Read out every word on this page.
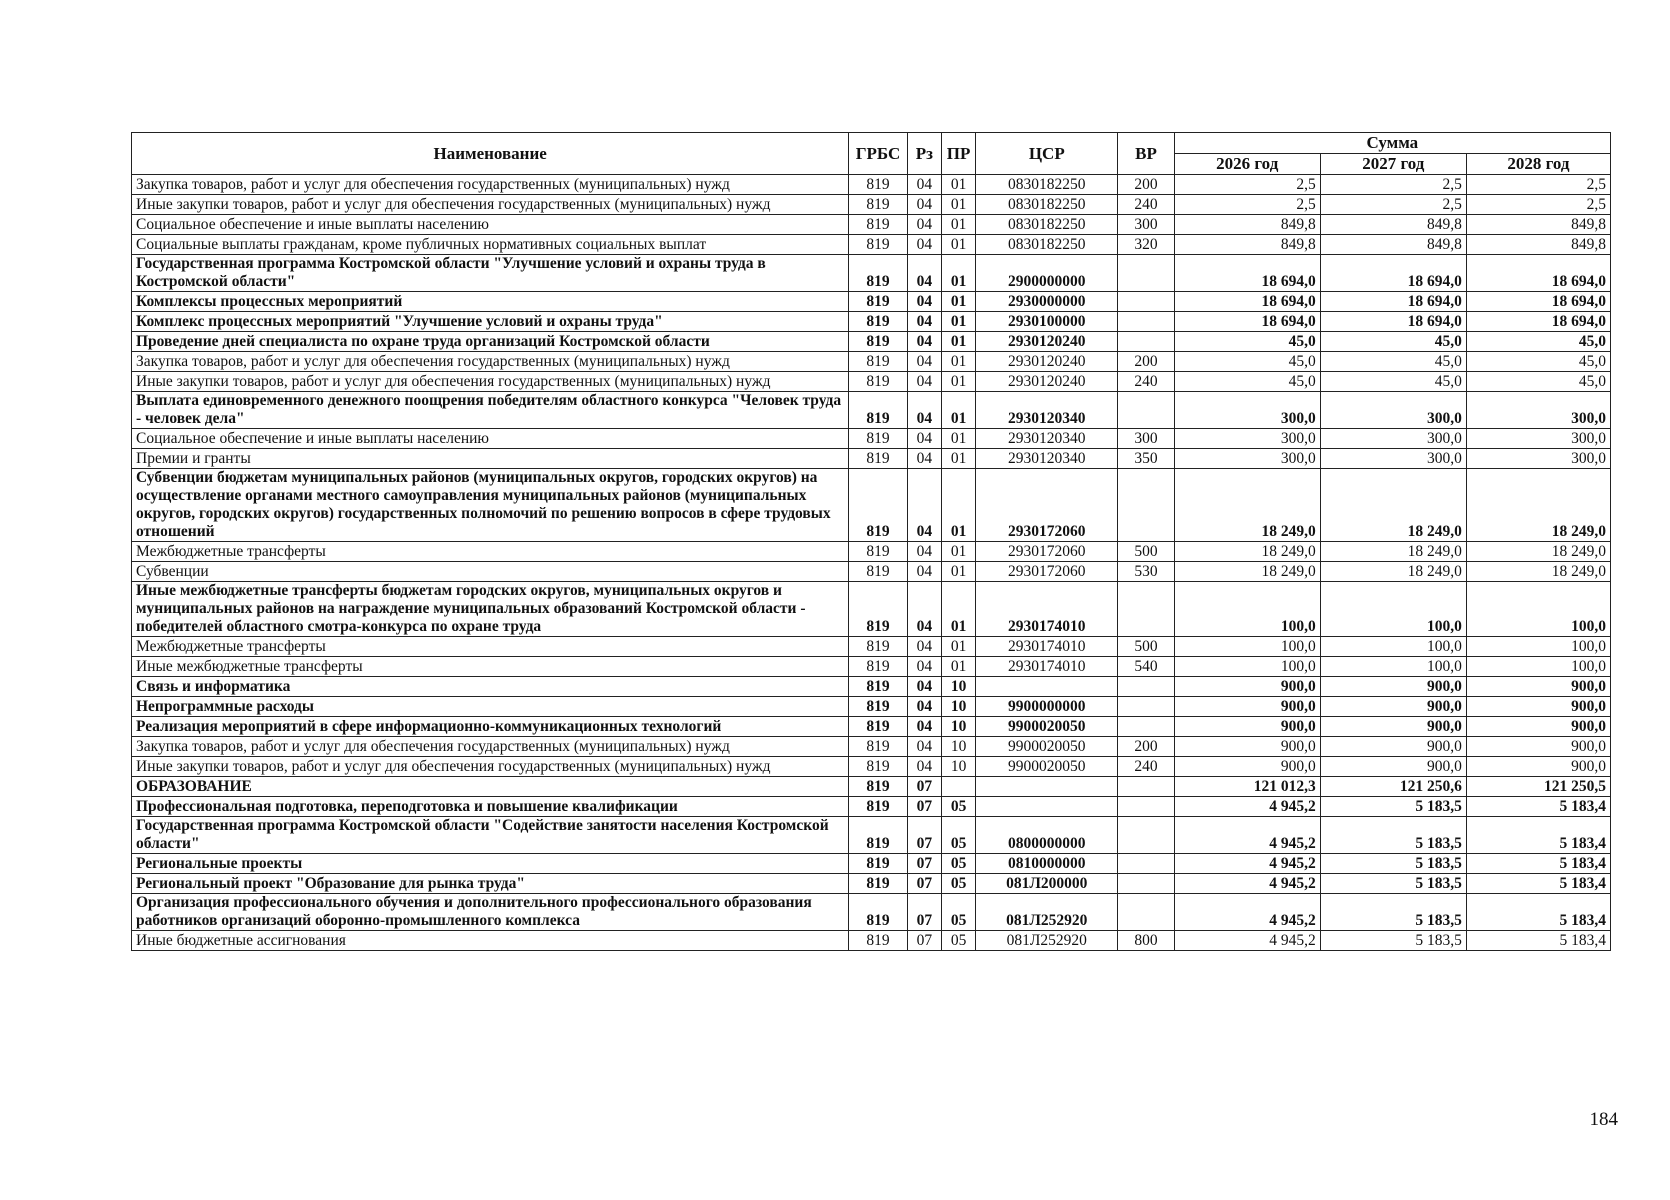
Наименование	ГРБС	Рз	ПР	ЦСР	ВР	Сумма		
						2026 год	2027 год	2028 год
Закупка товаров, работ и услуг для обеспечения государственных (муниципальных) нужд	819	04	01	0830182250	200	2,5	2,5	2,5
Иные закупки товаров, работ и услуг для обеспечения государственных (муниципальных) нужд	819	04	01	0830182250	240	2,5	2,5	2,5
Социальное обеспечение и иные выплаты населению	819	04	01	0830182250	300	849,8	849,8	849,8
Социальные выплаты гражданам, кроме публичных нормативных социальных выплат	819	04	01	0830182250	320	849,8	849,8	849,8
Государственная программа Костромской области "Улучшение условий и охраны труда в Костромской области"	819	04	01	2900000000		18 694,0	18 694,0	18 694,0
Комплексы процессных мероприятий	819	04	01	2930000000		18 694,0	18 694,0	18 694,0
Комплекс процессных мероприятий "Улучшение условий и охраны труда"	819	04	01	2930100000		18 694,0	18 694,0	18 694,0
Проведение дней специалиста по охране труда организаций Костромской области	819	04	01	2930120240		45,0	45,0	45,0
Закупка товаров, работ и услуг для обеспечения государственных (муниципальных) нужд	819	04	01	2930120240	200	45,0	45,0	45,0
Иные закупки товаров, работ и услуг для обеспечения государственных (муниципальных) нужд	819	04	01	2930120240	240	45,0	45,0	45,0
Выплата единовременного денежного поощрения победителям областного конкурса "Человек труда - человек дела"	819	04	01	2930120340		300,0	300,0	300,0
Социальное обеспечение и иные выплаты населению	819	04	01	2930120340	300	300,0	300,0	300,0
Премии и гранты	819	04	01	2930120340	350	300,0	300,0	300,0
Субвенции бюджетам муниципальных районов (муниципальных округов, городских округов) на осуществление органами местного самоуправления муниципальных районов (муниципальных округов, городских округов) государственных полномочий по решению вопросов в сфере трудовых отношений	819	04	01	2930172060		18 249,0	18 249,0	18 249,0
Межбюджетные трансферты	819	04	01	2930172060	500	18 249,0	18 249,0	18 249,0
Субвенции	819	04	01	2930172060	530	18 249,0	18 249,0	18 249,0
Иные межбюджетные трансферты бюджетам городских округов, муниципальных округов и муниципальных районов на награждение муниципальных образований Костромской области - победителей областного смотра-конкурса по охране труда	819	04	01	2930174010		100,0	100,0	100,0
Межбюджетные трансферты	819	04	01	2930174010	500	100,0	100,0	100,0
Иные межбюджетные трансферты	819	04	01	2930174010	540	100,0	100,0	100,0
Связь и информатика	819	04	10			900,0	900,0	900,0
Непрограммные расходы	819	04	10	9900000000		900,0	900,0	900,0
Реализация мероприятий в сфере информационно-коммуникационных технологий	819	04	10	9900020050		900,0	900,0	900,0
Закупка товаров, работ и услуг для обеспечения государственных (муниципальных) нужд	819	04	10	9900020050	200	900,0	900,0	900,0
Иные закупки товаров, работ и услуг для обеспечения государственных (муниципальных) нужд	819	04	10	9900020050	240	900,0	900,0	900,0
ОБРАЗОВАНИЕ	819	07				121 012,3	121 250,6	121 250,5
Профессиональная подготовка, переподготовка и повышение квалификации	819	07	05			4 945,2	5 183,5	5 183,4
Государственная программа Костромской области "Содействие занятости населения Костромской области"	819	07	05	0800000000		4 945,2	5 183,5	5 183,4
Региональные проекты	819	07	05	0810000000		4 945,2	5 183,5	5 183,4
Региональный проект "Образование для рынка труда"	819	07	05	081Л200000		4 945,2	5 183,5	5 183,4
Организация профессионального обучения и дополнительного профессионального образования работников организаций оборонно-промышленного комплекса	819	07	05	081Л252920		4 945,2	5 183,5	5 183,4
Иные бюджетные ассигнования	819	07	05	081Л252920	800	4 945,2	5 183,5	5 183,4
184
